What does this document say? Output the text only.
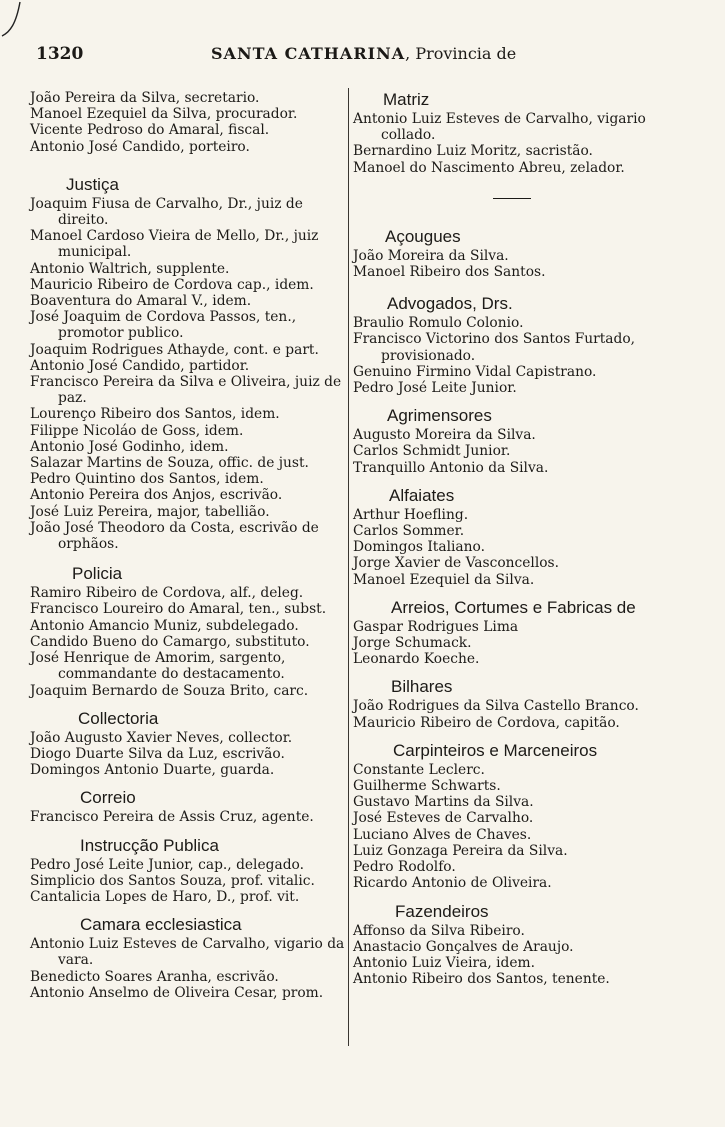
1320	SANTA CATHARINA, Provincia de
João Pereira da Silva, secretario.
Manoel Ezequiel da Silva, procurador.
Vicente Pedroso do Amaral, fiscal.
Antonio José Candido, porteiro.
Justiça
Joaquim Fiusa de Carvalho, Dr., juiz de direito.
Manoel Cardoso Vieira de Mello, Dr., juiz municipal.
Antonio Waltrich, supplente.
Mauricio Ribeiro de Cordova cap., idem.
Boaventura do Amaral V., idem.
José Joaquim de Cordova Passos, ten., promotor publico.
Joaquim Rodrigues Athayde, cont. e part.
Antonio José Candido, partidor.
Francisco Pereira da Silva e Oliveira, juiz de paz.
Lourenço Ribeiro dos Santos, idem.
Filippe Nicoláo de Goss, idem.
Antonio José Godinho, idem.
Salazar Martins de Souza, offic. de just.
Pedro Quintino dos Santos, idem.
Antonio Pereira dos Anjos, escrivão.
José Luiz Pereira, major, tabellião.
João José Theodoro da Costa, escrivão de orphãos.
Policia
Ramiro Ribeiro de Cordova, alf., deleg.
Francisco Loureiro do Amaral, ten., subst.
Antonio Amancio Muniz, subdelegado.
Candido Bueno do Camargo, substituto.
José Henrique de Amorim, sargento, commandante do destacamento.
Joaquim Bernardo de Souza Brito, carc.
Collectoria
João Augusto Xavier Neves, collector.
Diogo Duarte Silva da Luz, escrivão.
Domingos Antonio Duarte, guarda.
Correio
Francisco Pereira de Assis Cruz, agente.
Instrucção Publica
Pedro José Leite Junior, cap., delegado.
Simplicio dos Santos Souza, prof. vitalic.
Cantalicia Lopes de Haro, D., prof. vit.
Camara ecclesiastica
Antonio Luiz Esteves de Carvalho, vigario da vara.
Benedicto Soares Aranha, escrivão.
Antonio Anselmo de Oliveira Cesar, prom.
Matriz
Antonio Luiz Esteves de Carvalho, vigario collado.
Bernardino Luiz Moritz, sacristão.
Manoel do Nascimento Abreu, zelador.
Açougues
João Moreira da Silva.
Manoel Ribeiro dos Santos.
Advogados, Drs.
Braulio Romulo Colonio.
Francisco Victorino dos Santos Furtado, provisionado.
Genuino Firmino Vidal Capistrano.
Pedro José Leite Junior.
Agrimensores
Augusto Moreira da Silva.
Carlos Schmidt Junior.
Tranquillo Antonio da Silva.
Alfaiates
Arthur Hoefling.
Carlos Sommer.
Domingos Italiano.
Jorge Xavier de Vasconcellos.
Manoel Ezequiel da Silva.
Arreios, Cortumes e Fabricas de
Gaspar Rodrigues Lima
Jorge Schumack.
Leonardo Koeche.
Bilhares
João Rodrigues da Silva Castello Branco.
Mauricio Ribeiro de Cordova, capitão.
Carpinteiros e Marceneiros
Constante Leclerc.
Guilherme Schwarts.
Gustavo Martins da Silva.
José Esteves de Carvalho.
Luciano Alves de Chaves.
Luiz Gonzaga Pereira da Silva.
Pedro Rodolfo.
Ricardo Antonio de Oliveira.
Fazendeiros
Affonso da Silva Ribeiro.
Anastacio Gonçalves de Araujo.
Antonio Luiz Vieira, idem.
Antonio Ribeiro dos Santos, tenente.
